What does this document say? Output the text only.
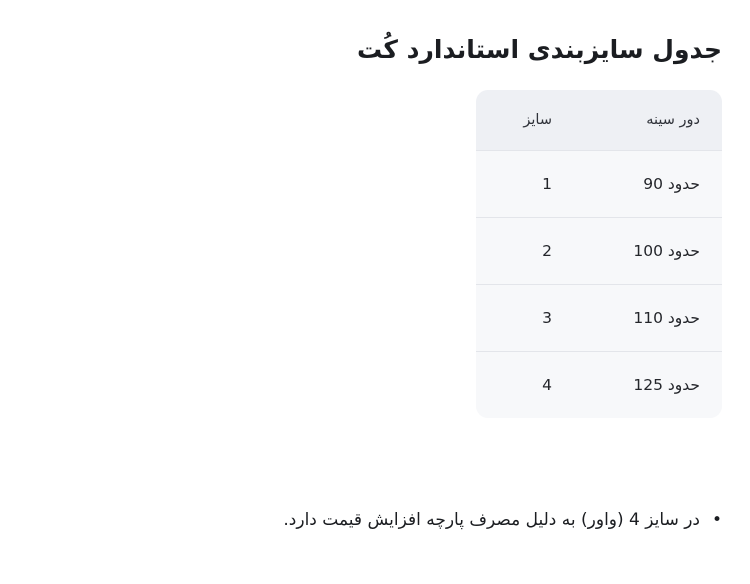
جدول سایز‌بندی استاندارد کُت
دور سینه	سایز
حدود 90	1
حدود 100	2
حدود 110	3
حدود 125	4
•
در سایز 4 (واور) به دلیل مصرف پارچه افزایش قیمت دارد.
